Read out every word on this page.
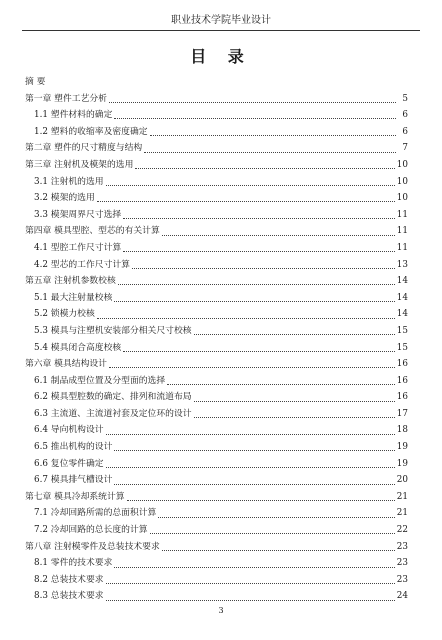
职业技术学院毕业设计
目 录
摘 要
第一章 塑件工艺分析	5
1.1 塑件材料的确定	6
1.2 塑料的收缩率及密度确定	6
第二章 塑件的尺寸精度与结构	7
第三章 注射机及模架的选用	10
3.1 注射机的选用	10
3.2 模架的选用	10
3.3 模架周界尺寸选择	11
第四章 模具型腔、型芯的有关计算	11
4.1 型腔工作尺寸计算	11
4.2 型芯的工作尺寸计算	13
第五章 注射机参数校核	14
5.1 最大注射量校核	14
5.2 锁模力校核	14
5.3 模具与注塑机安装部分相关尺寸校核	15
5.4 模具闭合高度校核	15
第六章 模具结构设计	16
6.1 制品成型位置及分型面的选择	16
6.2 模具型腔数的确定、排列和流道布局	16
6.3 主流道、主流道衬套及定位环的设计	17
6.4 导向机构设计	18
6.5 推出机构的设计	19
6.6 复位零件确定	19
6.7 模具排气槽设计	20
第七章 模具冷却系统计算	21
7.1 冷却回路所需的总面积计算	21
7.2 冷却回路的总长度的计算	22
第八章 注射模零件及总装技术要求	23
8.1 零件的技术要求	23
8.2 总装技术要求	23
8.3 总装技术要求	24
3
